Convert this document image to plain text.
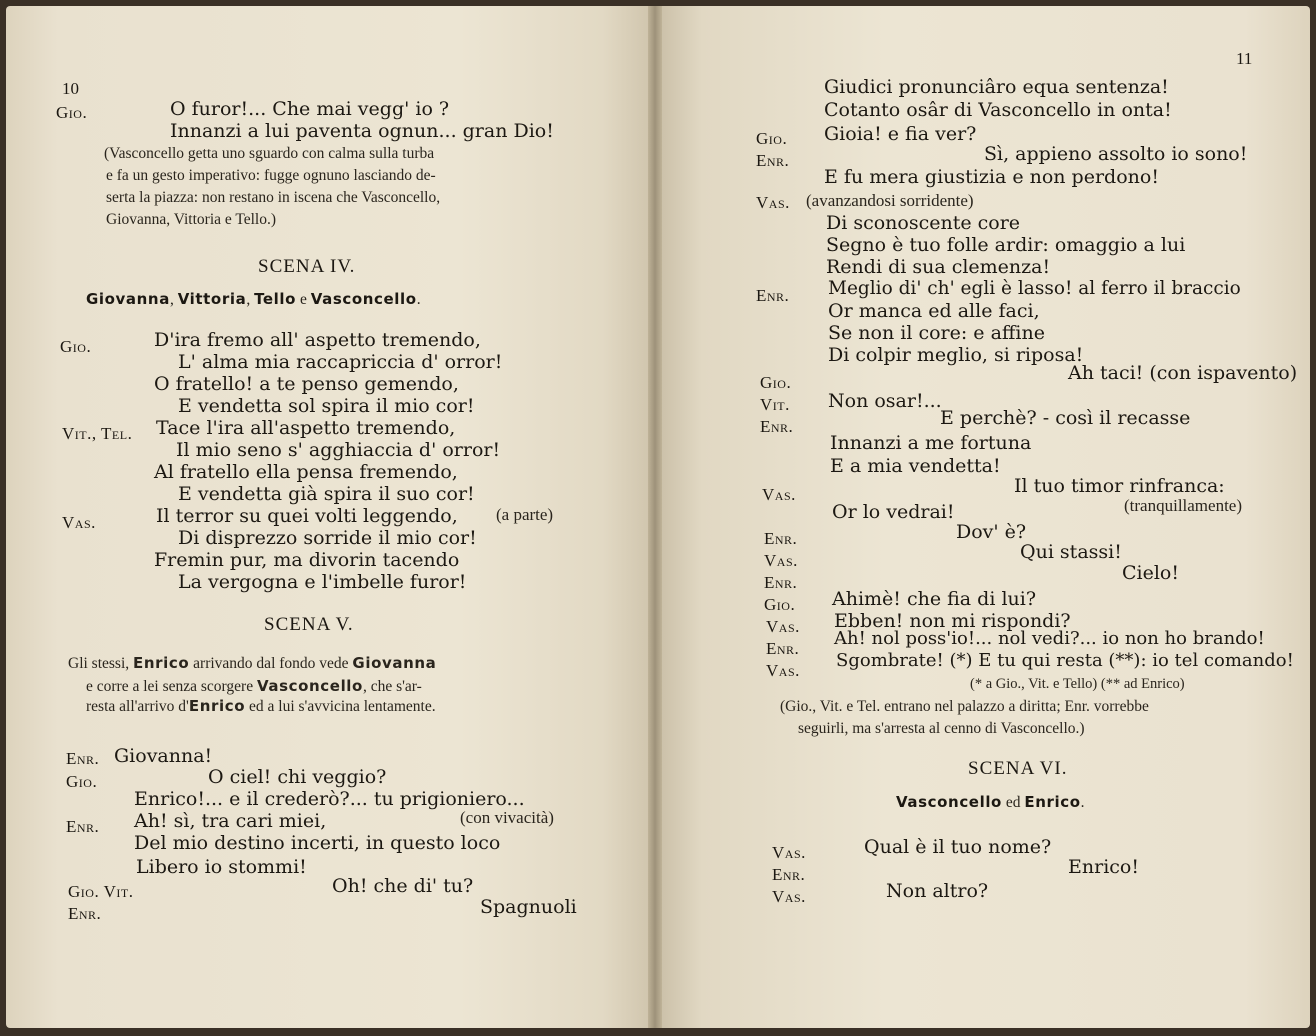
10
Gio.	O furor!... Che mai vegg' io ?
Innanzi a lui paventa ognun... gran Dio!
(Vasconcello getta uno sguardo con calma sulla turba
e fa un gesto imperativo: fugge ognuno lasciando de-
serta la piazza: non restano in iscena che Vasconcello,
Giovanna, Vittoria e Tello.)
SCENA IV.
Giovanna, Vittoria, Tello e Vasconcello.
Gio.	D'ira fremo all' aspetto tremendo,
L' alma mia raccapriccia d' orror!
O fratello! a te penso gemendo,
E vendetta sol spira il mio cor!
Vit., Tel. Tace l'ira all'aspetto tremendo,
Il mio seno s' agghiaccia d' orror!
Al fratello ella pensa fremendo,
E vendetta già spira il suo cor!
Vas.	Il terror su quei volti leggendo, (a parte)
Di disprezzo sorride il mio cor!
Fremin pur, ma divorin tacendo
La vergogna e l'imbelle furor!
SCENA V.
Gli stessi, Enrico arrivando dal fondo vede Giovanna
e corre a lei senza scorgere Vasconcello, che s'ar-
resta all'arrivo d'Enrico ed a lui s'avvicina lentamente.
Enr. Giovanna!
Gio.	O ciel! chi veggio?
Enrico!... e il crederò?... tu prigioniero...
Enr. Ah! sì, tra cari miei,	(con vivacità)
Del mio destino incerti, in questo loco
Libero io stommi!
Gio. Vit.	Oh! che di' tu?
Enr.	Spagnuoli
11
Giudici pronunciâro equa sentenza!
Cotanto osâr di Vasconcello in onta!
Gio. Gioia! e fia ver?
Enr.	Sì, appieno assolto io sono!
E fu mera giustizia e non perdono!
Vas. (avanzandosi sorridente)
Di sconoscente core
Segno è tuo folle ardir: omaggio a lui
Rendi di sua clemenza!
Enr. Meglio di' ch' egli è lasso! al ferro il braccio
Or manca ed alle faci,
Se non il core: e affine
Di colpir meglio, si riposa!
Gio.	Ah taci! (con ispavento)
Vit. Non osar!...
Enr.	E perchè? - così il recasse
Innanzi a me fortuna
E a mia vendetta!
Vas.	Il tuo timor rinfranca:
Or lo vedrai!	(tranquillamente)
Enr.	Dov' è?
Vas.	Qui stassi!
Enr.	Cielo!
Gio. Ahimè! che fia di lui?
Vas. Ebben! non mi rispondi?
Enr. Ah! nol poss'io!... nol vedi?... io non ho brando!
Vas. Sgombrate! (*) E tu qui resta (**): io tel comando!
(* a Gio., Vit. e Tello) (** ad Enrico)
(Gio., Vit. e Tel. entrano nel palazzo a diritta; Enr. vorrebbe
seguirli, ma s'arresta al cenno di Vasconcello.)
SCENA VI.
Vasconcello ed Enrico.
Vas.	Qual è il tuo nome?
Enr.	Enrico!
Vas.	Non altro?
